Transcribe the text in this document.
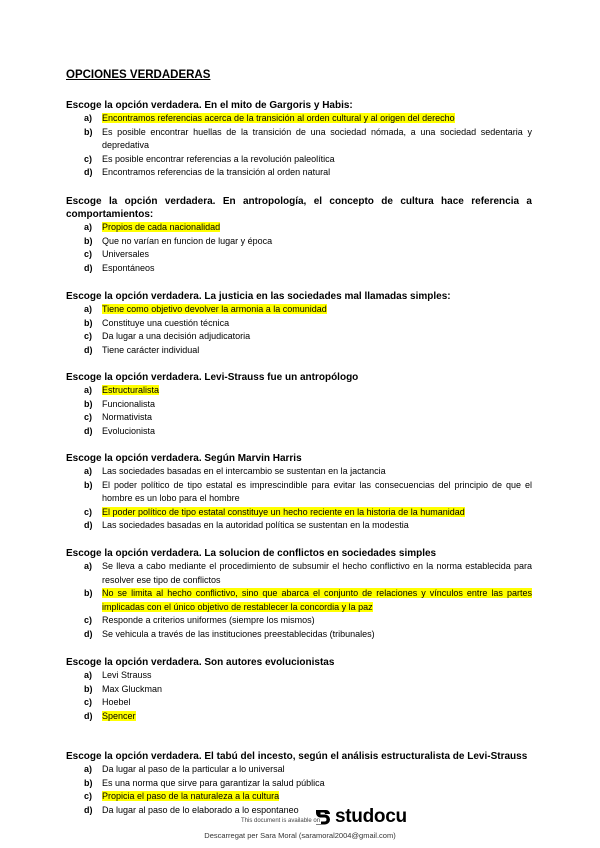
OPCIONES VERDADERAS
Escoge la opción verdadera. En el mito de Gargoris y Habis:
a) Encontramos referencias acerca de la transición al orden cultural y al origen del derecho
b) Es posible encontrar huellas de la transición de una sociedad nómada, a una sociedad sedentaria y depredativa
c) Es posible encontrar referencias a la revolución paleolítica
d) Encontramos referencias de la transición al orden natural
Escoge la opción verdadera. En antropología, el concepto de cultura hace referencia a comportamientos:
a) Propios de cada nacionalidad
b) Que no varían en funcion de lugar y época
c) Universales
d) Espontáneos
Escoge la opción verdadera. La justicia en las sociedades mal llamadas simples:
a) Tiene como objetivo devolver la armonia a la comunidad
b) Constituye una cuestión técnica
c) Da lugar a una decisión adjudicatoria
d) Tiene carácter individual
Escoge la opción verdadera. Levi-Strauss fue un antropólogo
a) Estructuralista
b) Funcionalista
c) Normativista
d) Evolucionista
Escoge la opción verdadera. Según Marvin Harris
a) Las sociedades basadas en el intercambio se sustentan en la jactancia
b) El poder político de tipo estatal es imprescindible para evitar las consecuencias del principio de que el hombre es un lobo para el hombre
c) El poder político de tipo estatal constituye un hecho reciente en la historia de la humanidad
d) Las sociedades basadas en la autoridad política se sustentan en la modestia
Escoge la opción verdadera. La solucion de conflictos en sociedades simples
a) Se lleva a cabo mediante el procedimiento de subsumir el hecho conflictivo en la norma establecida para resolver ese tipo de conflictos
b) No se limita al hecho conflictivo, sino que abarca el conjunto de relaciones y vínculos entre las partes implicadas con el único objetivo de restablecer la concordia y la paz
c) Responde a criterios uniformes (siempre los mismos)
d) Se vehicula a través de las instituciones preestablecidas (tribunales)
Escoge la opción verdadera. Son autores evolucionistas
a) Levi Strauss
b) Max Gluckman
c) Hoebel
d) Spencer
Escoge la opción verdadera. El tabú del incesto, según el análisis estructuralista de Levi-Strauss
a) Da lugar al paso de la particular a lo universal
b) Es una norma que sirve para garantizar la salud pública
c) Propicia el paso de la naturaleza a la cultura
d) Da lugar al paso de lo elaborado a lo espontaneo	studocu
This document is available on
Descarregat per Sara Moral (saramoral2004@gmail.com)
